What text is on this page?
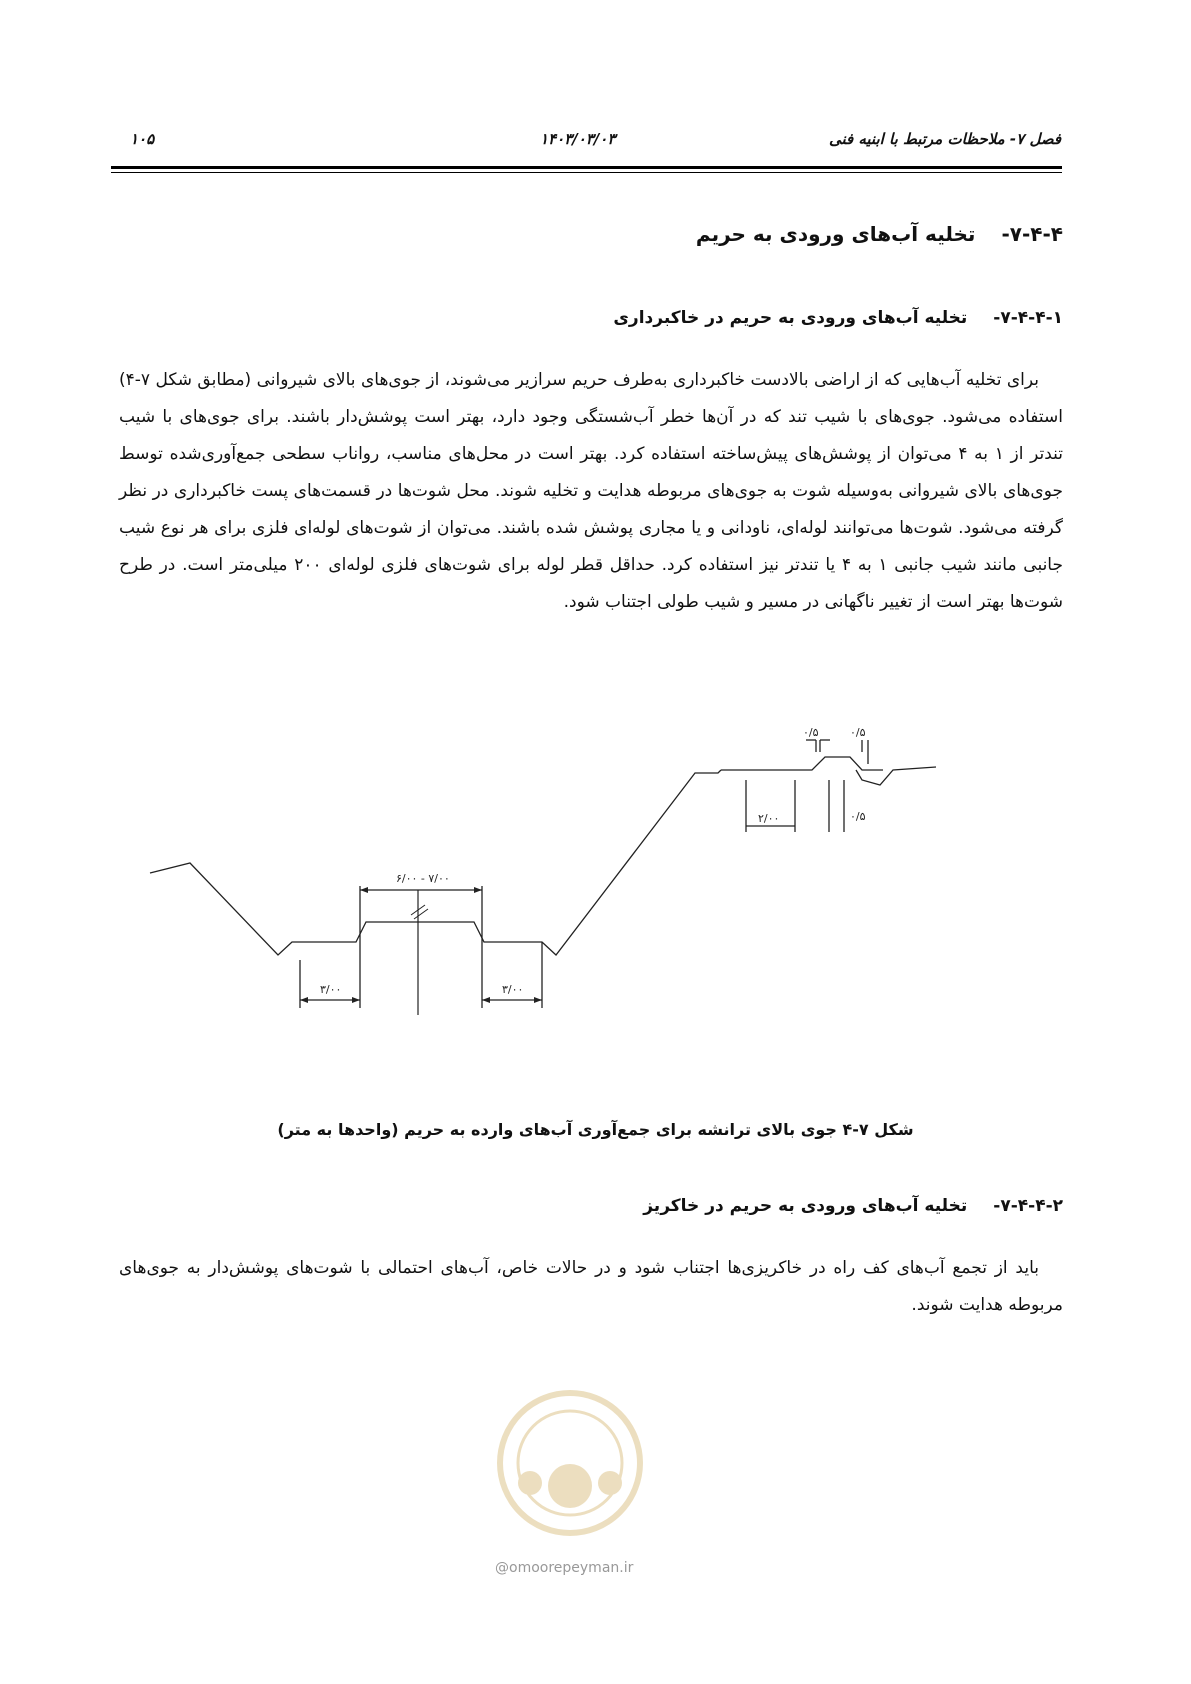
فصل ۷- ملاحظات مرتبط با ابنیه فنی
۱۴۰۳/۰۳/۰۳
۱۰۵
۷-۴-۴-تخلیه آب‌های ورودی به حریم
۷-۴-۴-۱-تخلیه آب‌های ورودی به حریم در خاکبرداری

برای تخلیه آب‌هایی که از اراضی بالادست خاکبرداری به‌طرف حریم سرازیر می‌شوند، از جوی‌های بالای شیروانی (مطابق شکل ۷-۴) استفاده می‌شود. جوی‌های با شیب تند که در آن‌ها خطر آب‌شستگی وجود دارد، بهتر است پوشش‌دار باشند. برای جوی‌های با شیب تندتر از ۱ به ۴ می‌توان از پوشش‌های پیش‌ساخته استفاده کرد. بهتر است در محل‌های مناسب، رواناب سطحی جمع‌آوری‌شده توسط جوی‌های بالای شیروانی به‌وسیله شوت به جوی‌های مربوطه هدایت و تخلیه شوند. محل شوت‌ها در قسمت‌های پست خاکبرداری در نظر گرفته می‌شود. شوت‌ها می‌توانند لوله‌ای، ناودانی و یا مجاری پوشش شده باشند. می‌توان از شوت‌های لوله‌ای فلزی برای هر نوع شیب جانبی مانند شیب جانبی ۱ به ۴ یا تندتر نیز استفاده کرد. حداقل قطر لوله برای شوت‌های فلزی لوله‌ای ۲۰۰ میلی‌متر است. در طرح شوت‌ها بهتر است از تغییر ناگهانی در مسیر و شیب طولی اجتناب شود.

۶/۰۰ - ۷/۰۰
۳/۰۰	۳/۰۰
۲/۰۰
۰/۵	۰/۵
۰/۵
شکل ۷-۴ جوی بالای ترانشه برای جمع‌آوری آب‌های وارده به حریم (واحدها به متر)
۷-۴-۴-۲-تخلیه آب‌های ورودی به حریم در خاکریز

باید از تجمع آب‌های کف راه در خاکریزی‌ها اجتناب شود و در حالات خاص، آب‌های احتمالی با شوت‌های پوشش‌دار به جوی‌های مربوطه هدایت شوند.

@omoorepeyman.ir
